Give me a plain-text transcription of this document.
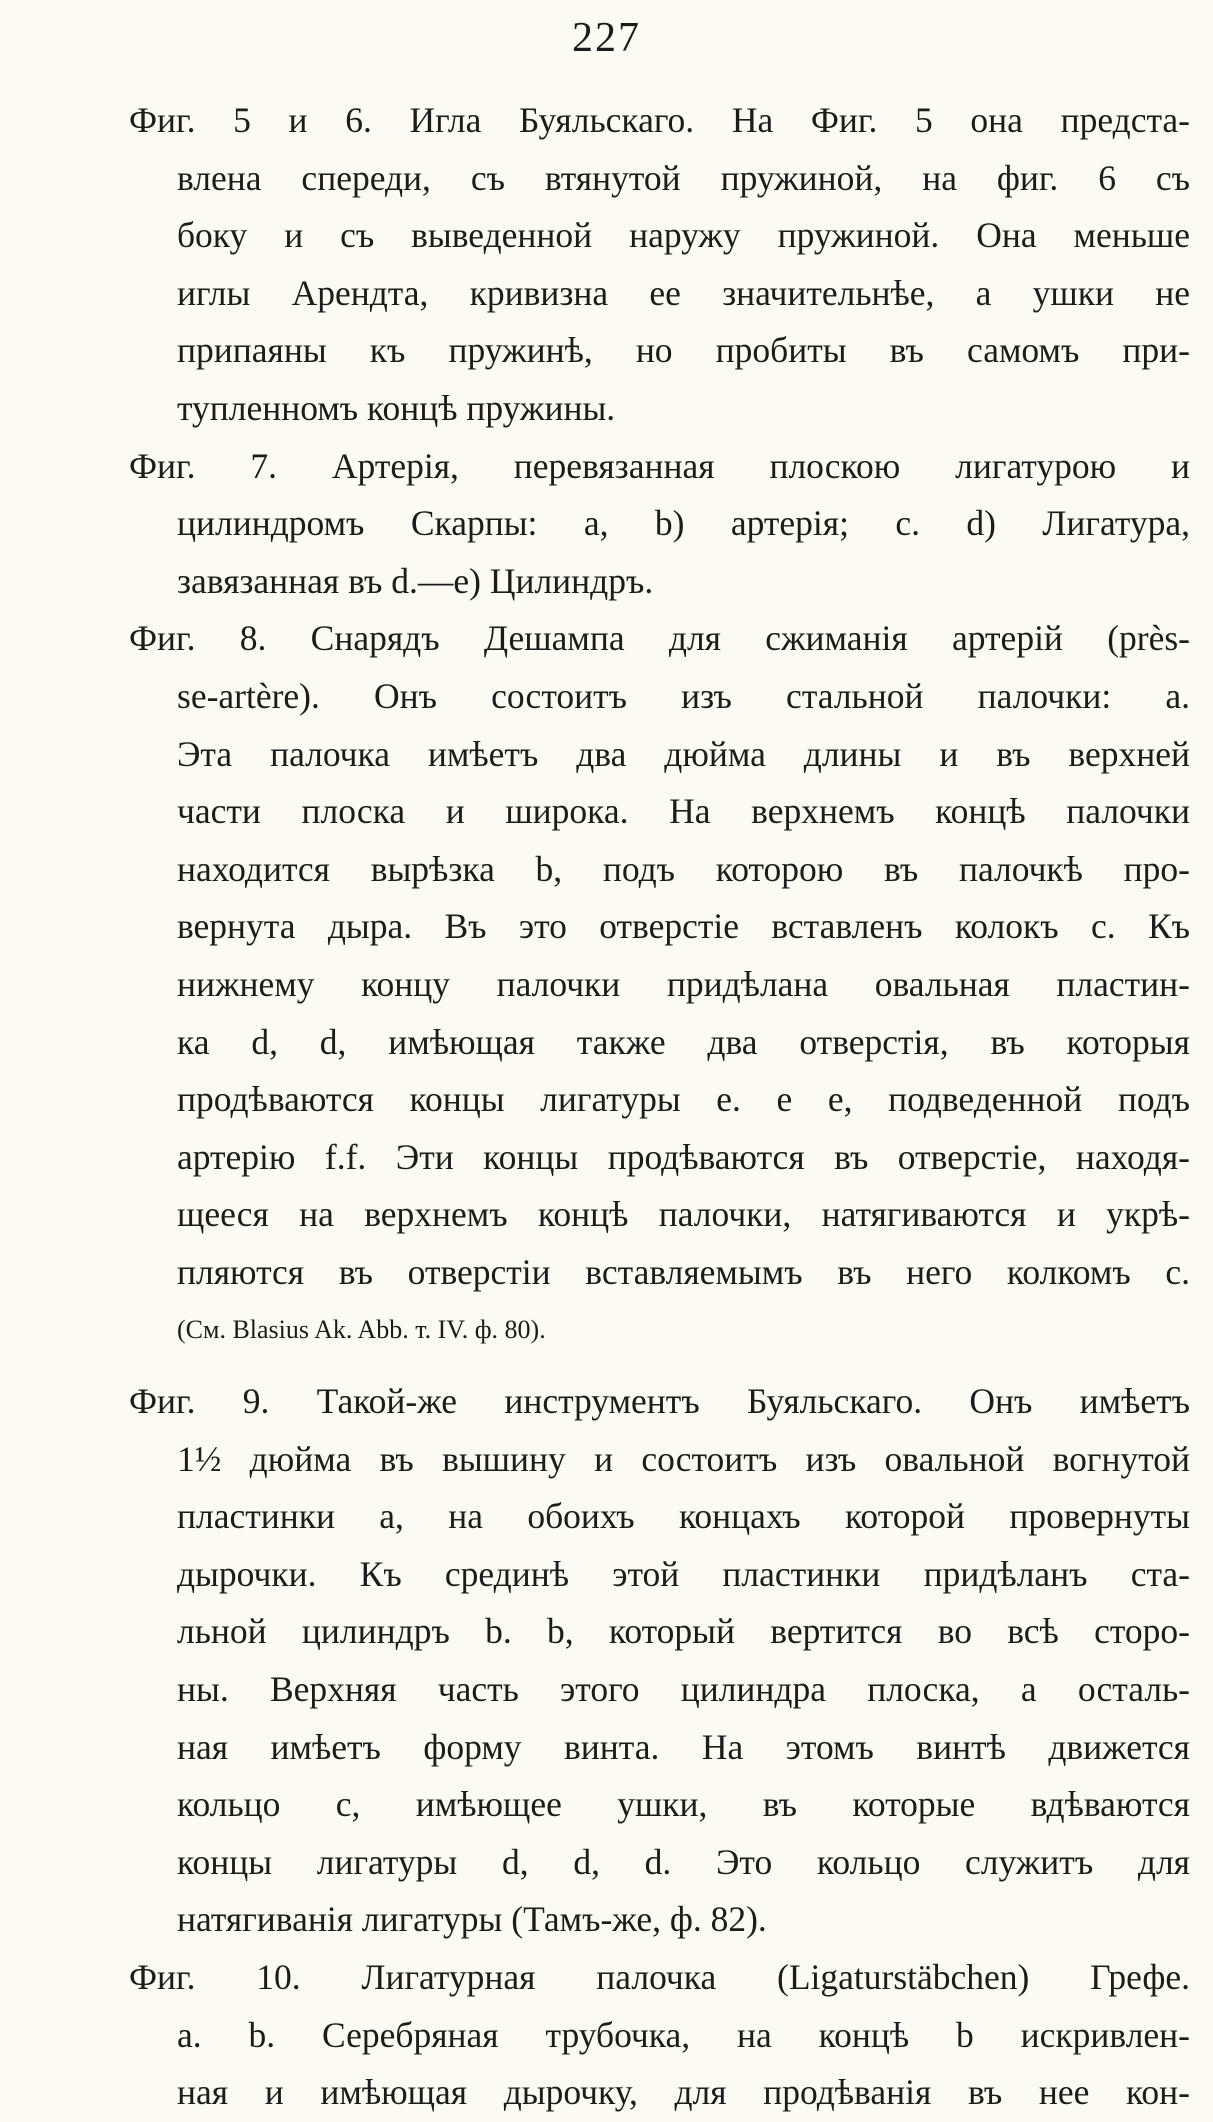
227
Фиг. 5 и 6. Игла Буяльскаго. На Фиг. 5 она предста-
влена спереди, съ втянутой пружиной, на фиг. 6 съ
боку и съ выведенной наружу пружиной. Она меньше
иглы Арендта, кривизна ее значительнѣе, а ушки не
припаяны къ пружинѣ, но пробиты въ самомъ при-
тупленномъ концѣ пружины.
Фиг. 7. Артерія, перевязанная плоскою лигатурою и
цилиндромъ Скарпы: a, b) артерія; c. d) Лигатура,
завязанная въ d.—e) Цилиндръ.
Фиг. 8. Снарядъ Дешампа для сжиманія артерій (près-
se-artère). Онъ состоитъ изъ стальной палочки: a.
Эта палочка имѣетъ два дюйма длины и въ верхней
части плоска и широка. На верхнемъ концѣ палочки
находится вырѣзка b, подъ которою въ палочкѣ про-
вернута дыра. Въ это отверстіе вставленъ колокъ c. Къ
нижнему концу палочки придѣлана овальная пластин-
ка d, d, имѣющая также два отверстія, въ которыя
продѣваются концы лигатуры e. e e, подведенной подъ
артерію f.f. Эти концы продѣваются въ отверстіе, находя-
щееся на верхнемъ концѣ палочки, натягиваются и укрѣ-
пляются въ отверстіи вставляемымъ въ него колкомъ c.
(См. Blasius Ak. Abb. т. IV. ф. 80).
Фиг. 9. Такой-же инструментъ Буяльскаго. Онъ имѣетъ
1½ дюйма въ вышину и состоитъ изъ овальной вогнутой
пластинки a, на обоихъ концахъ которой провернуты
дырочки. Къ срединѣ этой пластинки придѣланъ ста-
льной цилиндръ b. b, который вертится во всѣ сторо-
ны. Верхняя часть этого цилиндра плоска, а осталь-
ная имѣетъ форму винта. На этомъ винтѣ движется
кольцо c, имѣющее ушки, въ которые вдѣваются
концы лигатуры d, d, d. Это кольцо служитъ для
натягиванія лигатуры (Тамъ-же, ф. 82).
Фиг. 10. Лигатурная палочка (Ligaturstäbchen) Грефе.
a. b. Серебряная трубочка, на концѣ b искривлен-
ная и имѣющая дырочку, для продѣванія въ нее кон-
